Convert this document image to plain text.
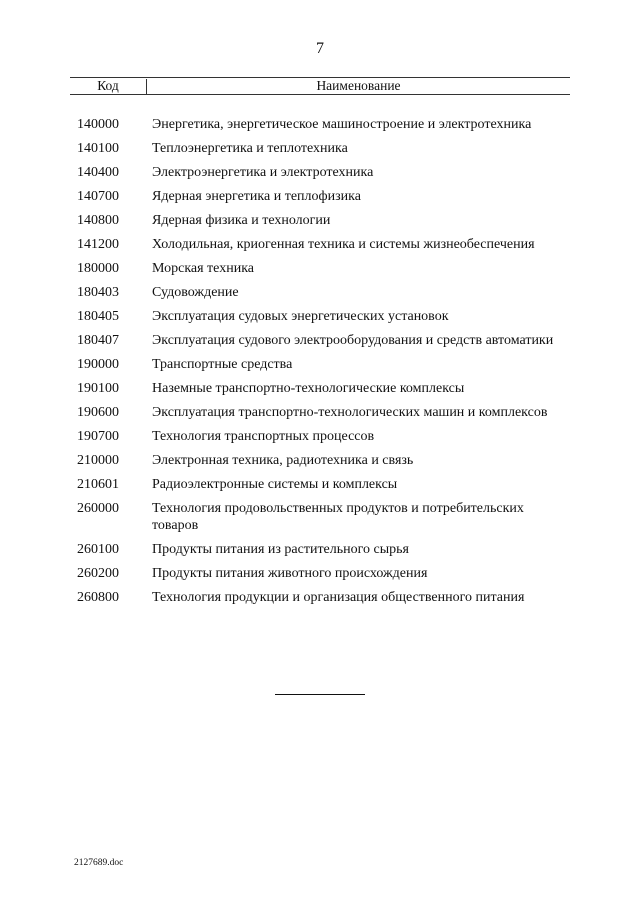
7
Код	Наименование
140000	Энергетика, энергетическое машиностроение и электротехника
140100	Теплоэнергетика и теплотехника
140400	Электроэнергетика и электротехника
140700	Ядерная энергетика и теплофизика
140800	Ядерная физика и технологии
141200	Холодильная, криогенная техника и системы жизнеобеспечения
180000	Морская техника
180403	Судовождение
180405	Эксплуатация судовых энергетических установок
180407	Эксплуатация судового электрооборудования и средств автоматики
190000	Транспортные средства
190100	Наземные транспортно-технологические комплексы
190600	Эксплуатация транспортно-технологических машин и комплексов
190700	Технология транспортных процессов
210000	Электронная техника, радиотехника и связь
210601	Радиоэлектронные системы и комплексы
260000	Технология продовольственных продуктов и потребительских товаров
260100	Продукты питания из растительного сырья
260200	Продукты питания животного происхождения
260800	Технология продукции и организация общественного питания
2127689.doc
